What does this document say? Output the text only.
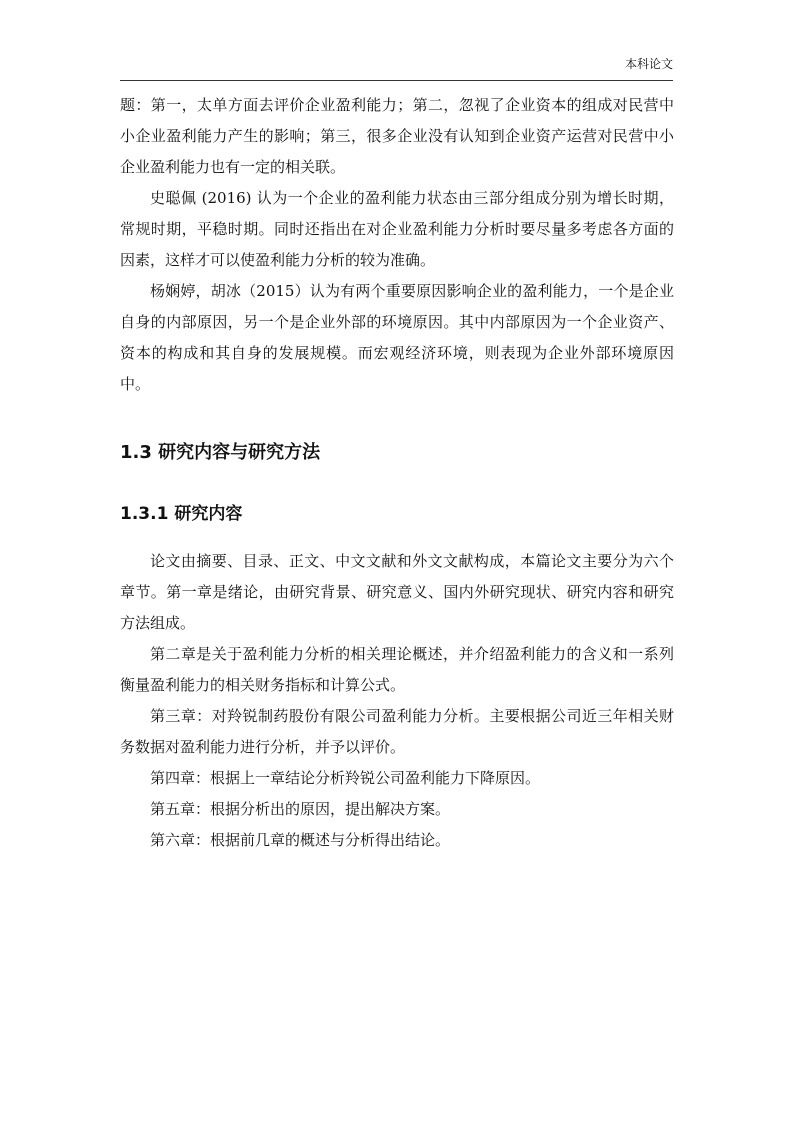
本科论文

题：第一，太单方面去评价企业盈利能力；第二，忽视了企业资本的组成对民营中小企业盈利能力产生的影响；第三，很多企业没有认知到企业资产运营对民营中小企业盈利能力也有一定的相关联。

史聪佩 (2016) 认为一个企业的盈利能力状态由三部分组成分别为增长时期，常规时期，平稳时期。同时还指出在对企业盈利能力分析时要尽量多考虑各方面的因素，这样才可以使盈利能力分析的较为准确。

杨娴婷，胡冰（2015）认为有两个重要原因影响企业的盈利能力，一个是企业自身的内部原因，另一个是企业外部的环境原因。其中内部原因为一个企业资产、资本的构成和其自身的发展规模。而宏观经济环境，则表现为企业外部环境原因中。

1.3 研究内容与研究方法
1.3.1 研究内容

论文由摘要、目录、正文、中文文献和外文文献构成，本篇论文主要分为六个章节。第一章是绪论，由研究背景、研究意义、国内外研究现状、研究内容和研究方法组成。

第二章是关于盈利能力分析的相关理论概述，并介绍盈利能力的含义和一系列衡量盈利能力的相关财务指标和计算公式。

第三章：对羚锐制药股份有限公司盈利能力分析。主要根据公司近三年相关财务数据对盈利能力进行分析，并予以评价。

第四章：根据上一章结论分析羚锐公司盈利能力下降原因。

第五章：根据分析出的原因，提出解决方案。

第六章：根据前几章的概述与分析得出结论。
